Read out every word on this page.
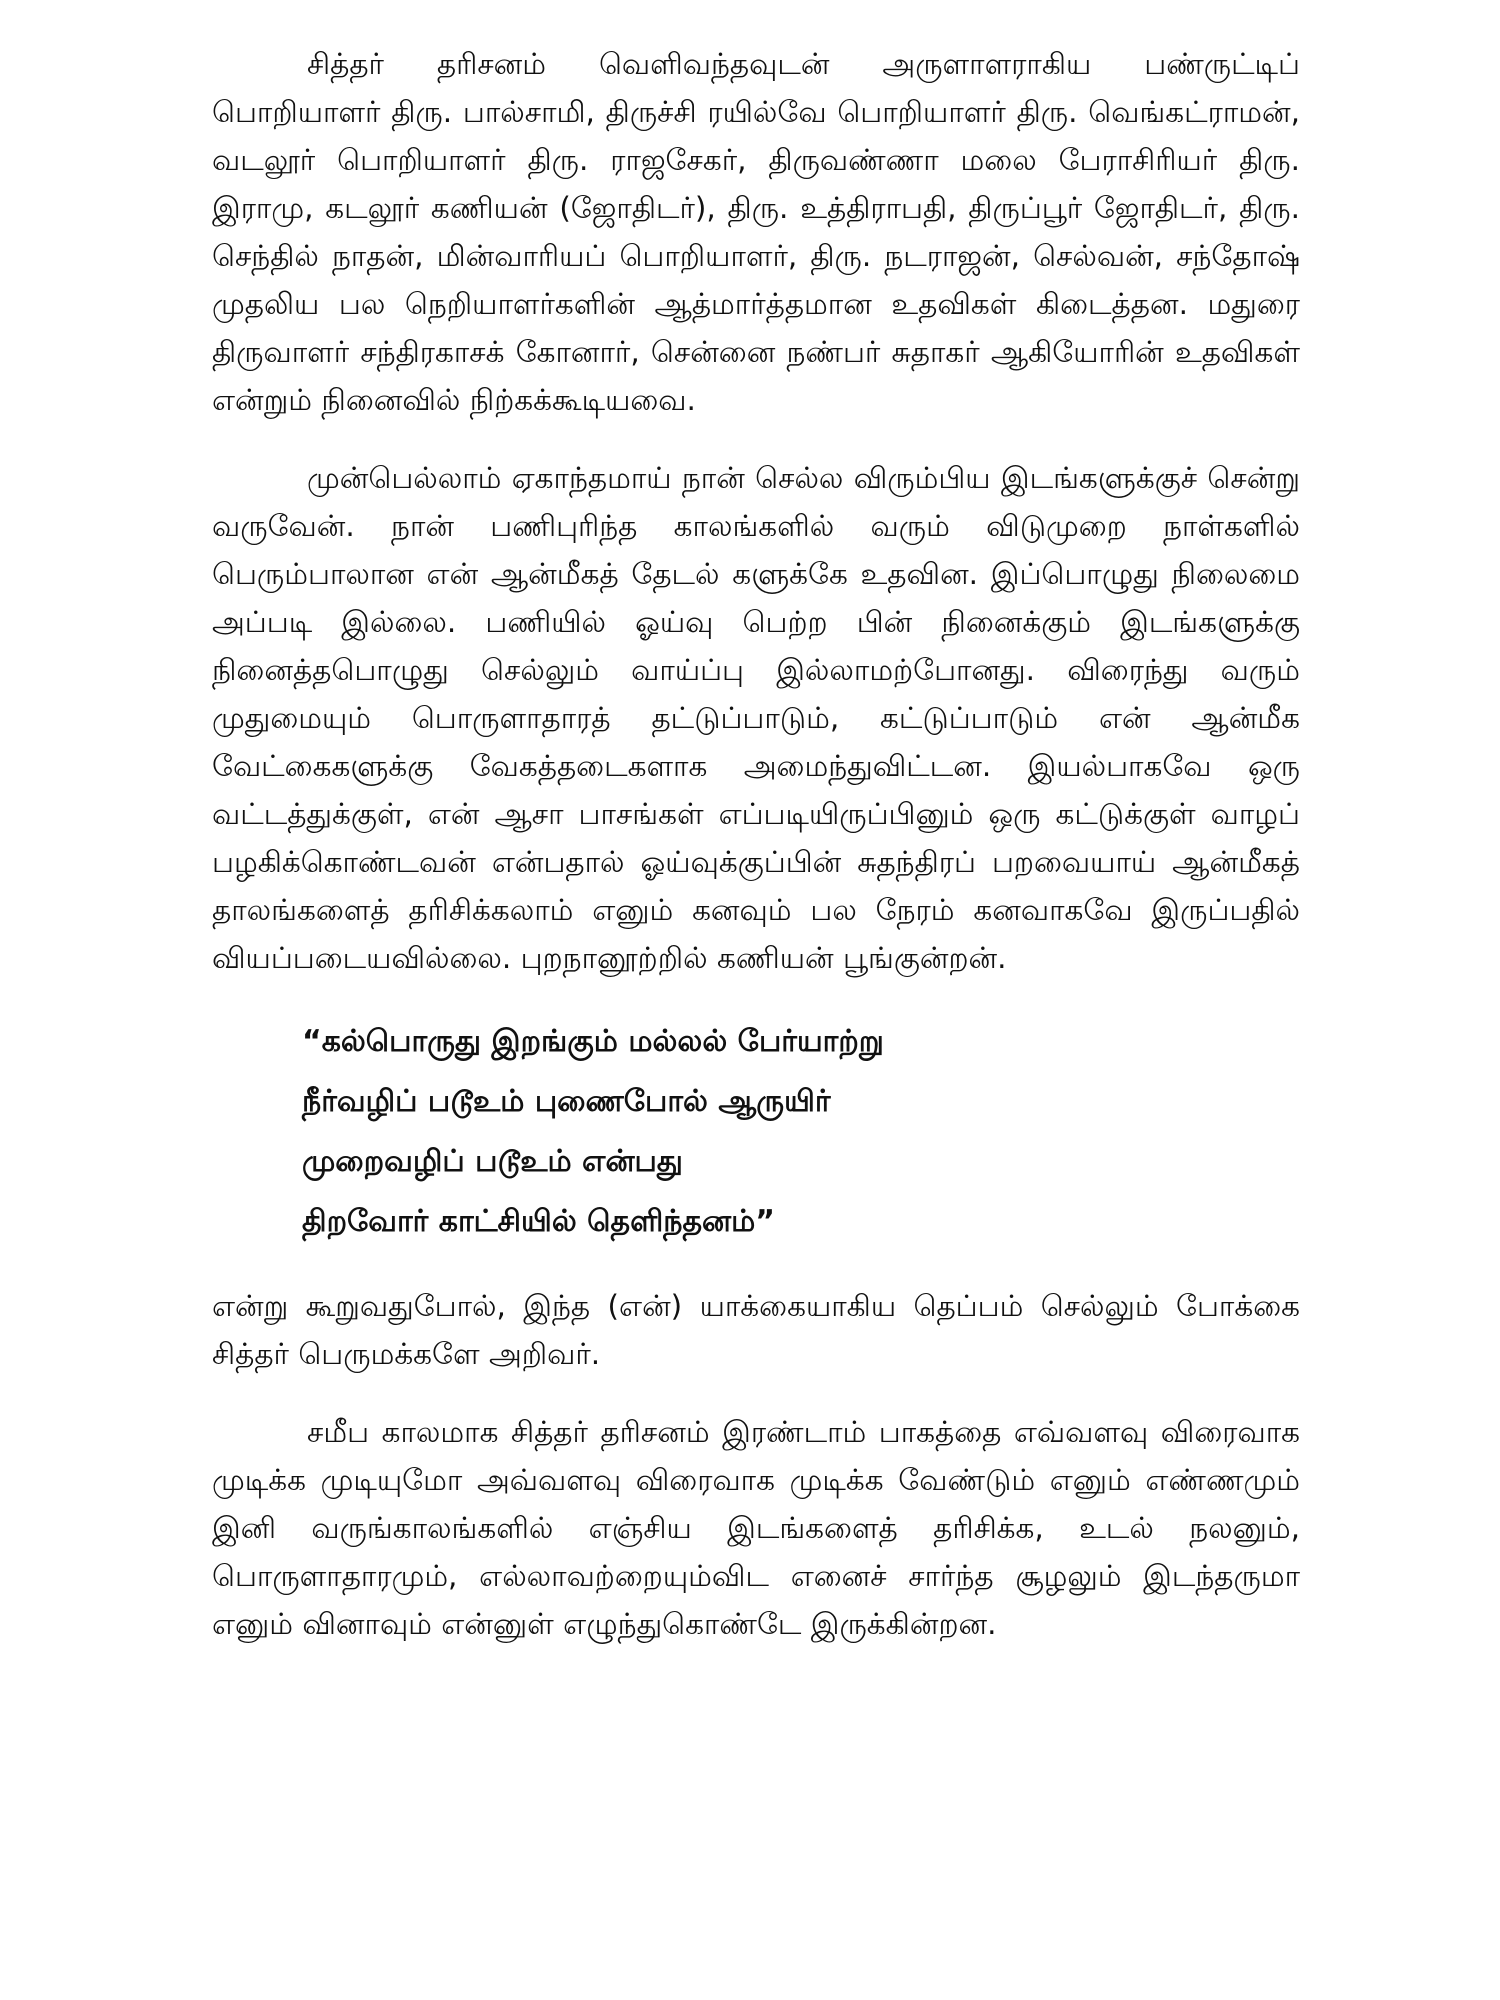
சித்தர் தரிசனம் வெளிவந்தவுடன் அருளாளராகிய பண்ருட்டிப் பொறியாளர் திரு. பால்சாமி, திருச்சி ரயில்வே பொறியாளர் திரு. வெங்கட்ராமன், வடலூர் பொறியாளர் திரு. ராஜசேகர், திருவண்ணா மலை பேராசிரியர் திரு. இராமு, கடலூர் கணியன் (ஜோதிடர்), திரு. உத்திராபதி, திருப்பூர் ஜோதிடர், திரு. செந்தில் நாதன், மின்வாரியப் பொறியாளர், திரு. நடராஜன், செல்வன், சந்தோஷ் முதலிய பல நெறியாளர்களின் ஆத்மார்த்தமான உதவிகள் கிடைத்தன. மதுரை திருவாளர் சந்திரகாசக் கோனார், சென்னை நண்பர் சுதாகர் ஆகியோரின் உதவிகள் என்றும் நினைவில் நிற்கக்கூடியவை.

முன்பெல்லாம் ஏகாந்தமாய் நான் செல்ல விரும்பிய இடங்களுக்குச் சென்று வருவேன். நான் பணிபுரிந்த காலங்களில் வரும் விடுமுறை நாள்களில் பெரும்பாலான என் ஆன்மீகத் தேடல் களுக்கே உதவின. இப்பொழுது நிலைமை அப்படி இல்லை. பணியில் ஓய்வு பெற்ற பின் நினைக்கும் இடங்களுக்கு நினைத்தபொழுது செல்லும் வாய்ப்பு இல்லாமற்போனது. விரைந்து வரும் முதுமையும் பொருளாதாரத் தட்டுப்பாடும், கட்டுப்பாடும் என் ஆன்மீக வேட்கைகளுக்கு வேகத்தடைகளாக அமைந்துவிட்டன. இயல்பாகவே ஒரு வட்டத்துக்குள், என் ஆசா பாசங்கள் எப்படியிருப்பினும் ஒரு கட்டுக்குள் வாழப் பழகிக்கொண்டவன் என்பதால் ஓய்வுக்குப்பின் சுதந்திரப் பறவையாய் ஆன்மீகத் தாலங்களைத் தரிசிக்கலாம் எனும் கனவும் பல நேரம் கனவாகவே இருப்பதில் வியப்படையவில்லை. புறநானூற்றில் கணியன் பூங்குன்றன்.

“கல்பொருது இறங்கும் மல்லல் பேர்யாற்று
நீர்வழிப் படூஉம் புணைபோல் ஆருயிர்
முறைவழிப் படூஉம் என்பது
திறவோர் காட்சியில் தெளிந்தனம்”

என்று கூறுவதுபோல், இந்த (என்) யாக்கையாகிய தெப்பம் செல்லும் போக்கை சித்தர் பெருமக்களே அறிவர்.

சமீப காலமாக சித்தர் தரிசனம் இரண்டாம் பாகத்தை எவ்வளவு விரைவாக முடிக்க முடியுமோ அவ்வளவு விரைவாக முடிக்க வேண்டும் எனும் எண்ணமும் இனி வருங்காலங்களில் எஞ்சிய இடங்களைத் தரிசிக்க, உடல் நலனும், பொருளாதாரமும், எல்லாவற்றையும்விட எனைச் சார்ந்த சூழலும் இடந்தருமா எனும் வினாவும் என்னுள் எழுந்துகொண்டே இருக்கின்றன.
